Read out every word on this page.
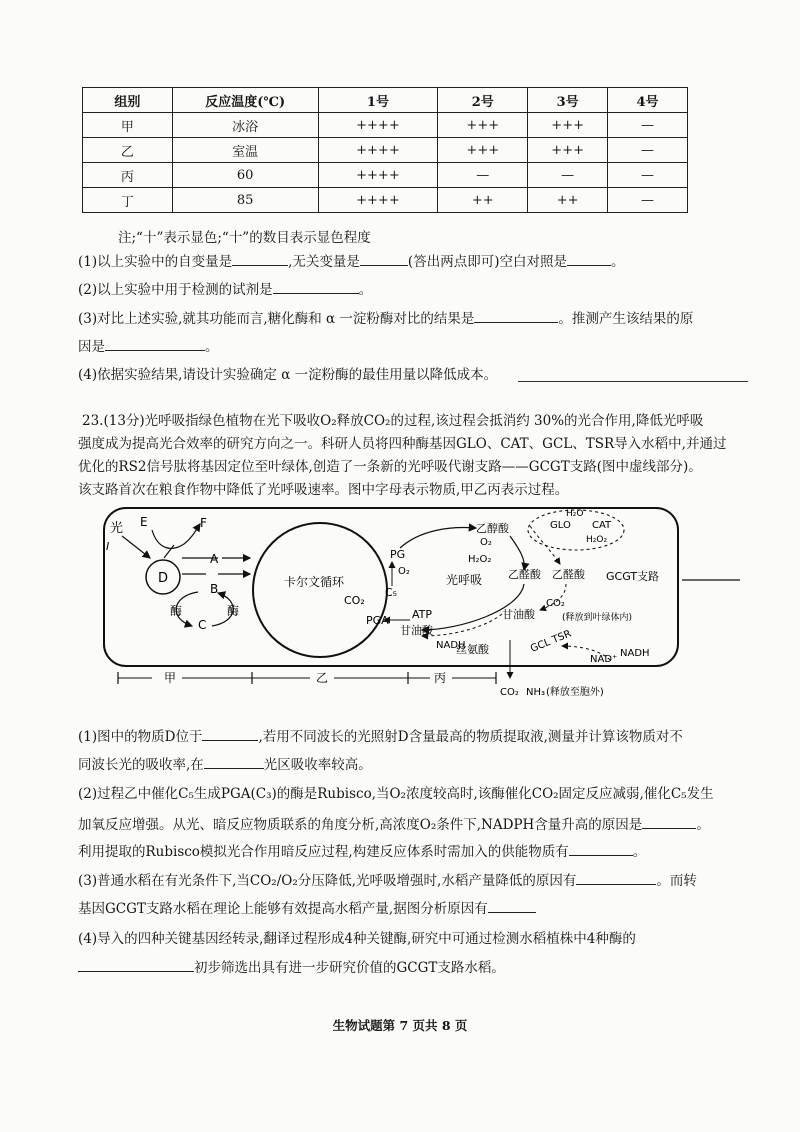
组别	反应温度(℃)	1号	2号	3号	4号
甲	冰浴	++++	+++	+++	—
乙	室温	++++	+++	+++	—
丙	60	++++	—	—	—
丁	85	++++	++	++	—
注;“十”表示显色;“十”的数目表示显色程度
(1)以上实验中的自变量是	,无关变量是	(答出两点即可)空白对照是	。
(2)以上实验中用于检测的试剂是	。
(3)对比上述实验,就其功能而言,糖化酶和 α 一淀粉酶对比的结果是	。推测产生该结果的原
因是	。
(4)依据实验结果,请设计实验确定 α 一淀粉酶的最佳用量以降低成本。
23.(13分)光呼吸指绿色植物在光下吸收O₂释放CO₂的过程,该过程会抵消约 30%的光合作用,降低光呼吸
强度成为提高光合效率的研究方向之一。科研人员将四种酶基因GLO、CAT、GCL、TSR导入水稻中,并通过
优化的RS2信号肽将基因定位至叶绿体,创造了一条新的光呼吸代谢支路——GCGT支路(图中虚线部分)。
该支路首次在粮食作物中降低了光呼吸速率。图中字母表示物质,甲乙丙表示过程。
光
I
D
E	F
A
B
C
酶	酶
卡尔文循环
CO₂
PG
C₅
O₂
PGA ATP
甘油酸
光呼吸
乙醇酸
O₂
H₂O₂
乙醛酸
GLO CAT
H₂O
H₂O₂
乙醛酸 GCGT支路
CO₂
(释放到叶绿体内)
甘油酸
NADH
丝氨酸	GCL TSR
NAD⁺
NADH
甲	乙	丙
CO₂ NH₃ (释放至胞外)
(1)图中的物质D位于	,若用不同波长的光照射D含量最高的物质提取液,测量并计算该物质对不
同波长光的吸收率,在	光区吸收率较高。
(2)过程乙中催化C₅生成PGA(C₃)的酶是Rubisco,当O₂浓度较高时,该酶催化CO₂固定反应减弱,催化C₅发生
加氧反应增强。从光、暗反应物质联系的角度分析,高浓度O₂条件下,NADPH含量升高的原因是	。
利用提取的Rubisco模拟光合作用暗反应过程,构建反应体系时需加入的供能物质有	。
(3)普通水稻在有光条件下,当CO₂/O₂分压降低,光呼吸增强时,水稻产量降低的原因有	。而转
基因GCGT支路水稻在理论上能够有效提高水稻产量,据图分析原因有
(4)导入的四种关键基因经转录,翻译过程形成4种关键酶,研究中可通过检测水稻植株中4种酶的
初步筛选出具有进一步研究价值的GCGT支路水稻。
生物试题第 7 页共 8 页
